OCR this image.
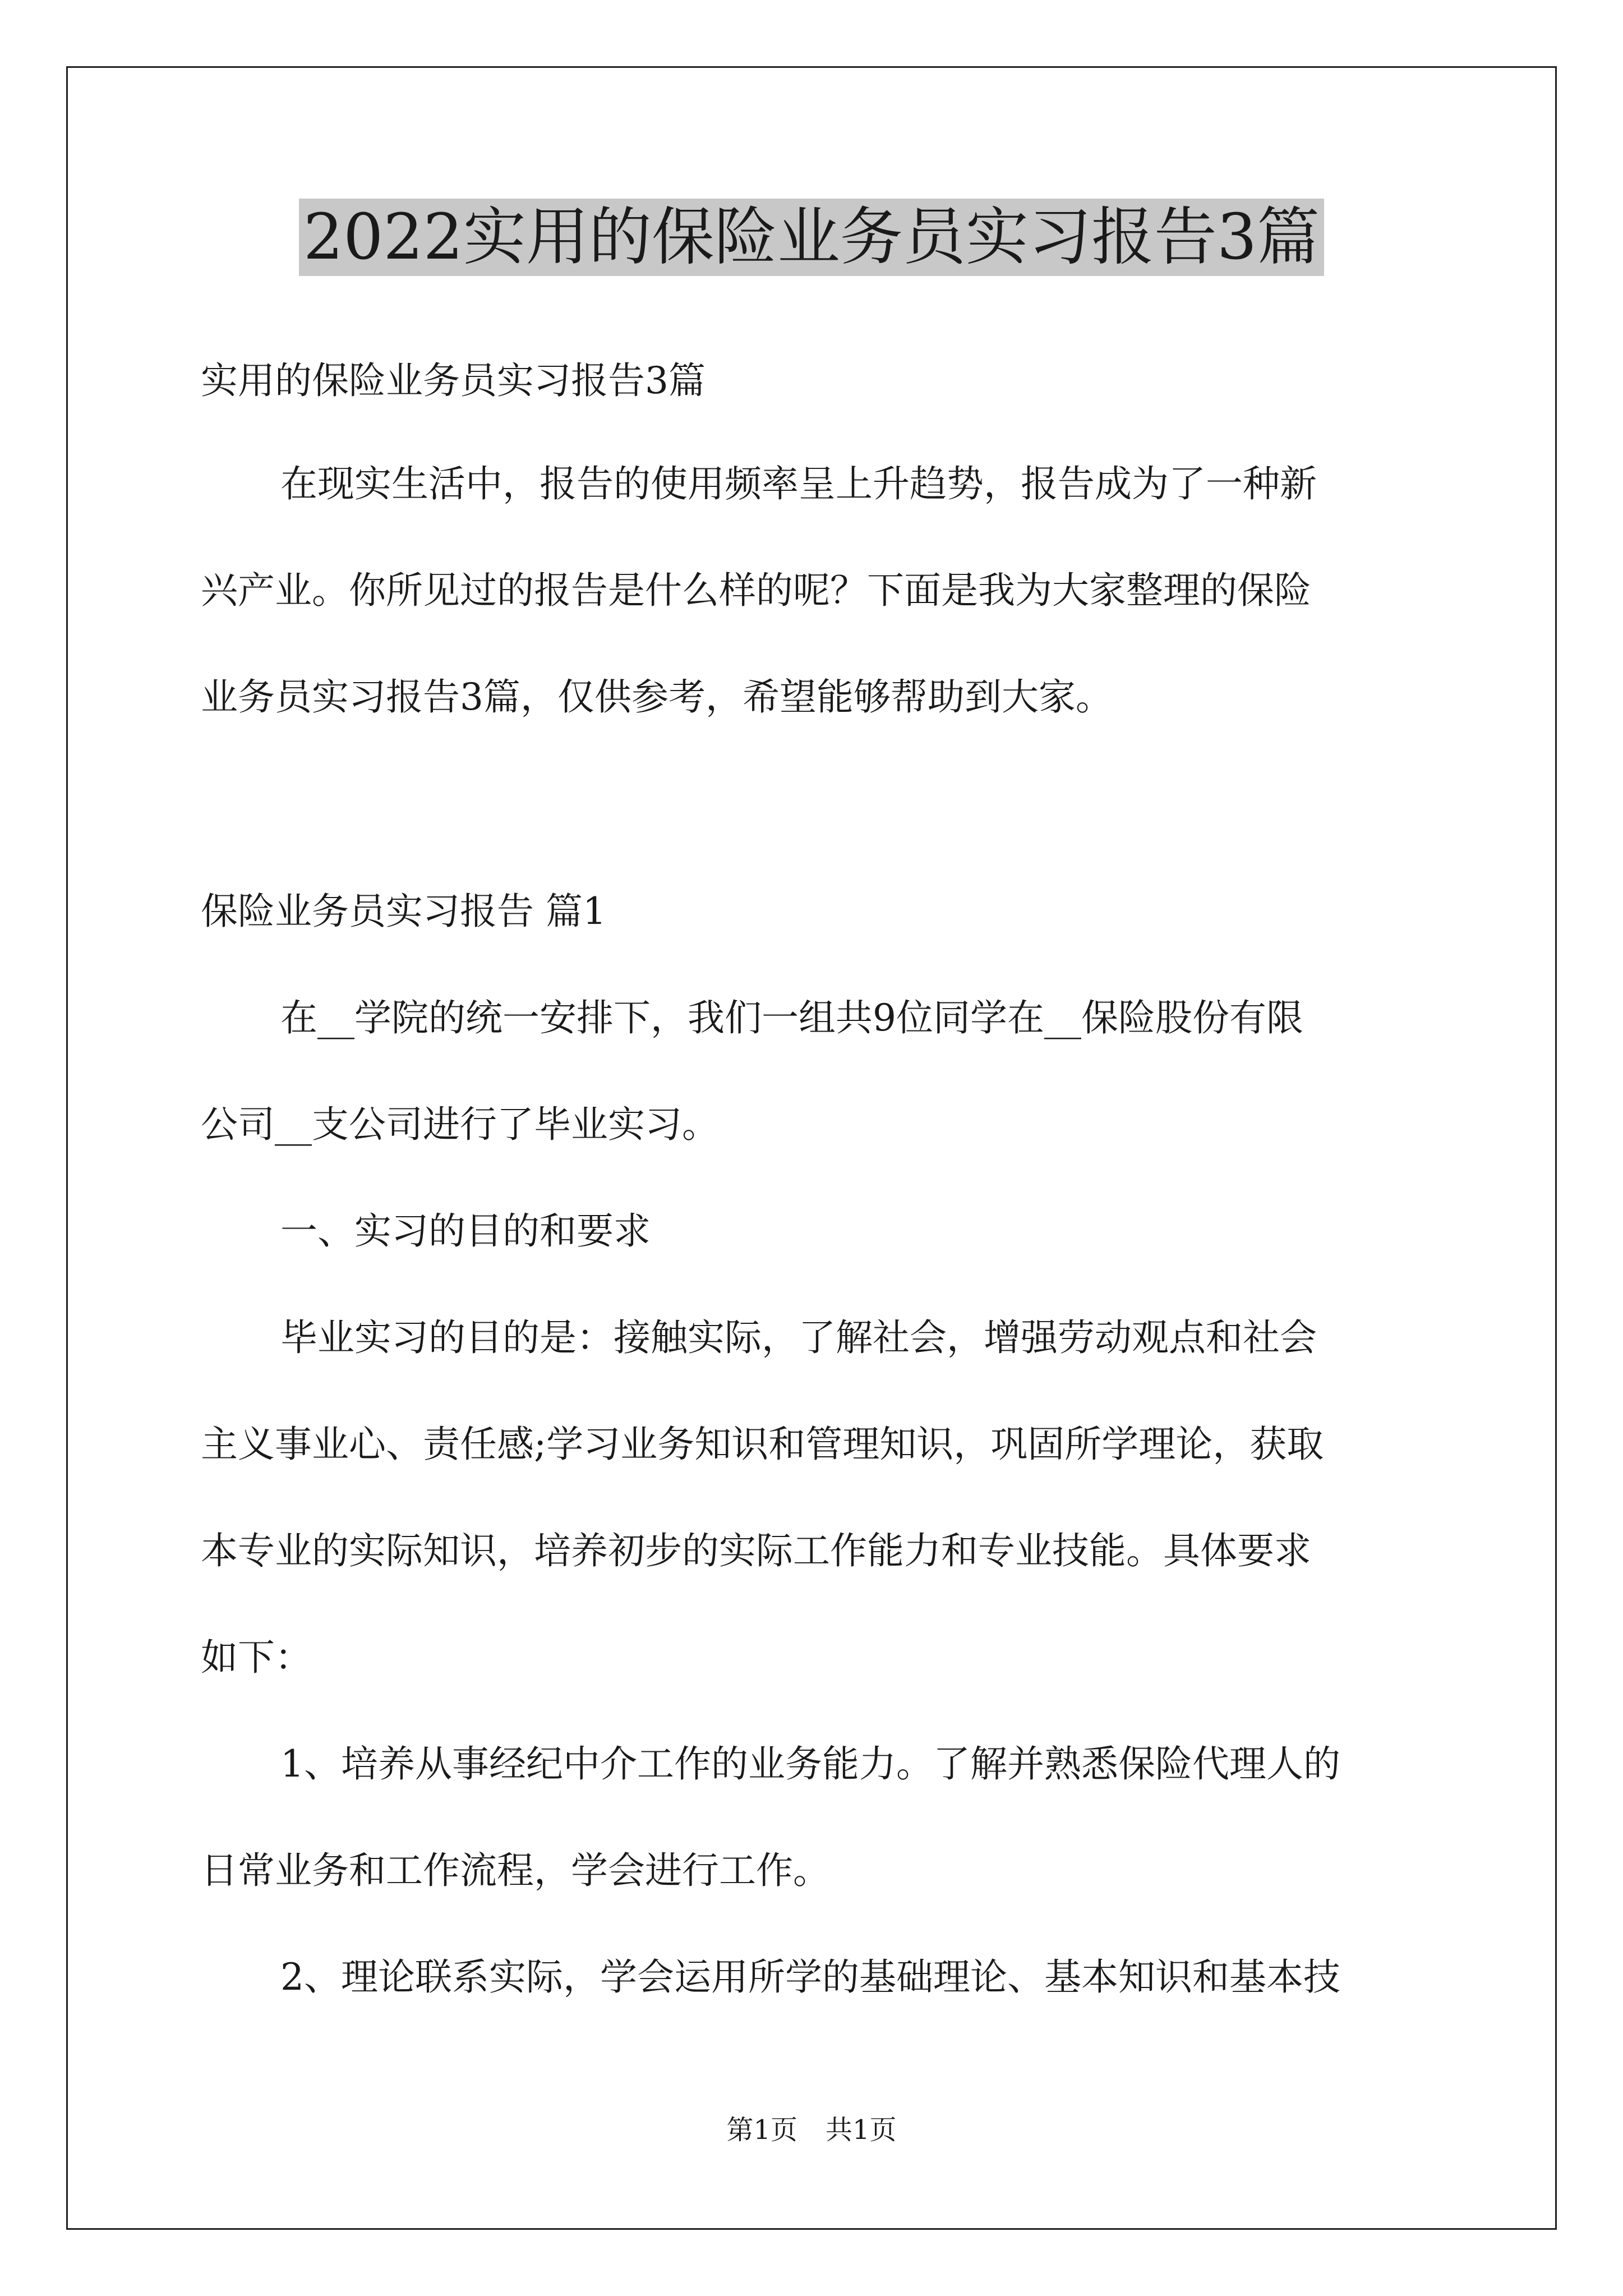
2022实用的保险业务员实习报告3篇

实用的保险业务员实习报告3篇

在现实生活中，报告的使用频率呈上升趋势，报告成为了一种新

兴产业。你所见过的报告是什么样的呢？下面是我为大家整理的保险

业务员实习报告3篇，仅供参考，希望能够帮助到大家。

保险业务员实习报告 篇1

在__学院的统一安排下，我们一组共9位同学在__保险股份有限

公司__支公司进行了毕业实习。

一、实习的目的和要求

毕业实习的目的是：接触实际，了解社会，增强劳动观点和社会

主义事业心、责任感;学习业务知识和管理知识，巩固所学理论，获取

本专业的实际知识，培养初步的实际工作能力和专业技能。具体要求

如下：

1、培养从事经纪中介工作的业务能力。了解并熟悉保险代理人的

日常业务和工作流程，学会进行工作。

2、理论联系实际，学会运用所学的基础理论、基本知识和基本技

第1页 共1页
